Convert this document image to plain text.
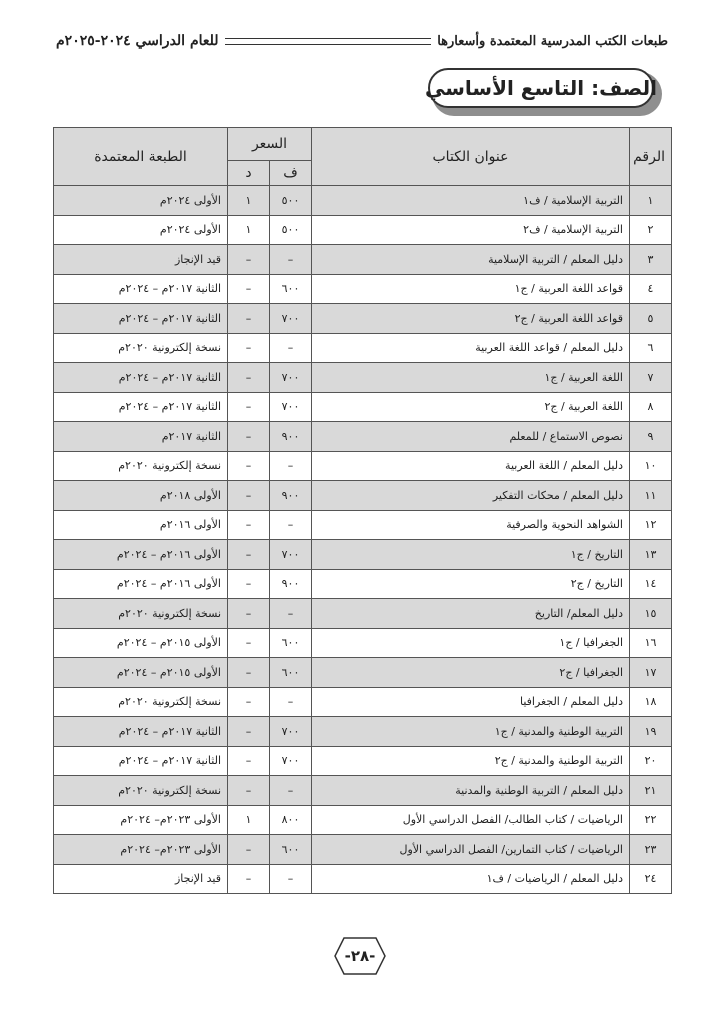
طبعات الكتب المدرسية المعتمدة وأسعارها
للعام الدراسي ٢٠٢٤-٢٠٢٥م
الصف: التاسع الأساسي
الرقم	عنوان الكتاب	السعر		الطبعة المعتمدة
		ف	د	
١	التربية الإسلامية / ف١	٥٠٠	١	الأولى ٢٠٢٤م
٢	التربية الإسلامية / ف٢	٥٠٠	١	الأولى ٢٠٢٤م
٣	دليل المعلم / التربية الإسلامية	–	–	قيد الإنجاز
٤	قواعد اللغة العربية / ج١	٦٠٠	–	الثانية ٢٠١٧م – ٢٠٢٤م
٥	قواعد اللغة العربية / ج٢	٧٠٠	–	الثانية ٢٠١٧م – ٢٠٢٤م
٦	دليل المعلم / قواعد اللغة العربية	–	–	نسخة إلكترونية ٢٠٢٠م
٧	اللغة العربية / ج١	٧٠٠	–	الثانية ٢٠١٧م – ٢٠٢٤م
٨	اللغة العربية / ج٢	٧٠٠	–	الثانية ٢٠١٧م – ٢٠٢٤م
٩	نصوص الاستماع / للمعلم	٩٠٠	–	الثانية ٢٠١٧م
١٠	دليل المعلم / اللغة العربية	–	–	نسخة إلكترونية ٢٠٢٠م
١١	دليل المعلم / محكات التفكير	٩٠٠	–	الأولى ٢٠١٨م
١٢	الشواهد النحوية والصرفية	–	–	الأولى ٢٠١٦م
١٣	التاريخ / ج١	٧٠٠	–	الأولى ٢٠١٦م – ٢٠٢٤م
١٤	التاريخ / ج٢	٩٠٠	–	الأولى ٢٠١٦م – ٢٠٢٤م
١٥	دليل المعلم/ التاريخ	–	–	نسخة إلكترونية ٢٠٢٠م
١٦	الجغرافيا / ج١	٦٠٠	–	الأولى ٢٠١٥م – ٢٠٢٤م
١٧	الجغرافيا / ج٢	٦٠٠	–	الأولى ٢٠١٥م – ٢٠٢٤م
١٨	دليل المعلم / الجغرافيا	–	–	نسخة إلكترونية ٢٠٢٠م
١٩	التربية الوطنية والمدنية / ج١	٧٠٠	–	الثانية ٢٠١٧م – ٢٠٢٤م
٢٠	التربية الوطنية والمدنية / ج٢	٧٠٠	–	الثانية ٢٠١٧م – ٢٠٢٤م
٢١	دليل المعلم / التربية الوطنية والمدنية	–	–	نسخة إلكترونية ٢٠٢٠م
٢٢	الرياضيات / كتاب الطالب/ الفصل الدراسي الأول	٨٠٠	١	الأولى ٢٠٢٣م– ٢٠٢٤م
٢٣	الرياضيات / كتاب التمارين/ الفصل الدراسي الأول	٦٠٠	–	الأولى ٢٠٢٣م– ٢٠٢٤م
٢٤	دليل المعلم / الرياضيات / ف١	–	–	قيد الإنجاز
-٢٨-
